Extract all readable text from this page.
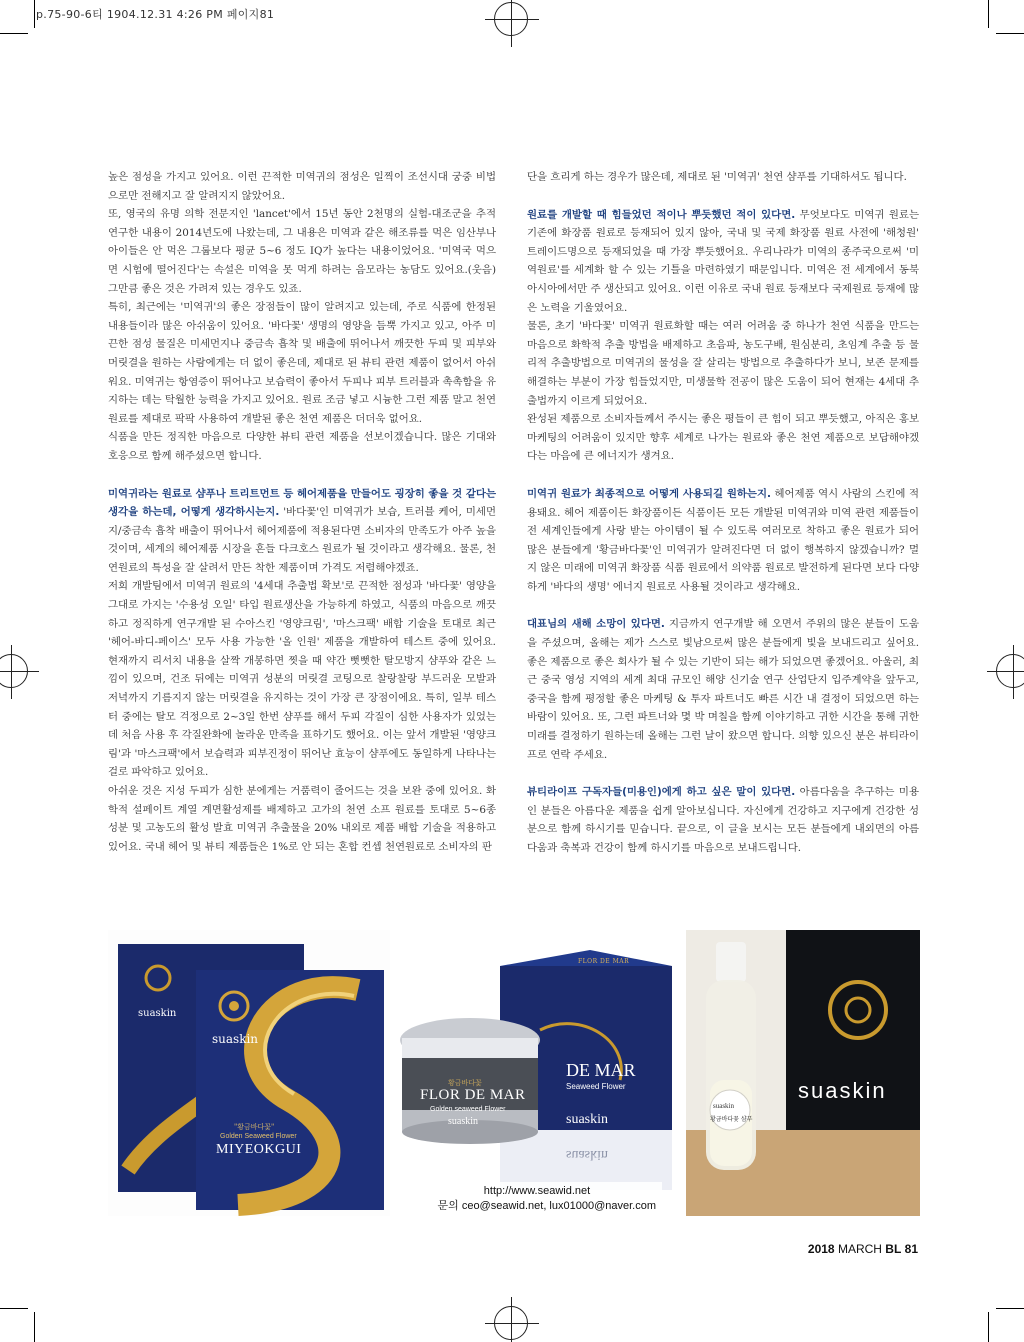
p.75-90-6티 1904.12.31 4:26 PM 페이지81

높은 점성을 가지고 있어요. 이런 끈적한 미역귀의 점성은 일찍이 조선시대 궁중 비법으로만 전해지고 잘 알려지지 않았어요.

또, 영국의 유명 의학 전문지인 'lancet'에서 15년 동안 2천명의 실험-대조군을 추적 연구한 내용이 2014년도에 나왔는데, 그 내용은 미역과 같은 해조류를 먹은 임산부나 아이들은 안 먹은 그룹보다 평균 5~6 정도 IQ가 높다는 내용이었어요. '미역국 먹으면 시험에 떨어진다'는 속설은 미역을 못 먹게 하려는 음모라는 농담도 있어요.(웃음) 그만큼 좋은 것은 가려져 있는 경우도 있죠.

특히, 최근에는 '미역귀'의 좋은 장점들이 많이 알려지고 있는데, 주로 식품에 한정된 내용들이라 많은 아쉬움이 있어요. '바다꽃' 생명의 영양을 듬뿍 가지고 있고, 아주 미끈한 점성 물질은 미세먼지나 중금속 흡착 및 배출에 뛰어나서 깨끗한 두피 및 피부와 머릿결을 원하는 사람에게는 더 없이 좋은데, 제대로 된 뷰티 관련 제품이 없어서 아쉬워요. 미역귀는 항염증이 뛰어나고 보습력이 좋아서 두피나 피부 트러블과 촉촉함을 유지하는 데는 탁월한 능력을 가지고 있어요. 원료 조금 넣고 시늉한 그런 제품 말고 천연원료를 제대로 팍팍 사용하여 개발된 좋은 천연 제품은 더더욱 없어요.

식품을 만든 정직한 마음으로 다양한 뷰티 관련 제품을 선보이겠습니다. 많은 기대와 호응으로 함께 해주셨으면 합니다.

미역귀라는 원료로 샴푸나 트리트먼트 등 헤어제품을 만들어도 굉장히 좋을 것 같다는 생각을 하는데, 어떻게 생각하시는지. '바다꽃'인 미역귀가 보습, 트러블 케어, 미세먼지/중금속 흡착 배출이 뛰어나서 헤어제품에 적용된다면 소비자의 만족도가 아주 높을 것이며, 세계의 헤어제품 시장을 흔들 다크호스 원료가 될 것이라고 생각해요. 물론, 천연원료의 특성을 잘 살려서 만든 착한 제품이며 가격도 저렴해야겠죠.

저희 개발팀에서 미역귀 원료의 '4세대 추출법 확보'로 끈적한 점성과 '바다꽃' 영양을 그대로 가지는 '수용성 오일' 타입 원료생산을 가능하게 하였고, 식품의 마음으로 깨끗하고 정직하게 연구개발 된 수아스킨 '영양크림', '마스크팩' 배합 기술을 토대로 최근 '헤어-바디-페이스' 모두 사용 가능한 '올 인원' 제품을 개발하여 테스트 중에 있어요. 현재까지 리서치 내용을 살짝 개봉하면 찟을 때 약간 뻣뻣한 탈모방지 샴푸와 같은 느낌이 있으며, 건조 뒤에는 미역귀 성분의 머릿결 코팅으로 찰랑찰랑 부드러운 모발과 저녁까지 기름지지 않는 머릿결을 유지하는 것이 가장 큰 장점이에요. 특히, 일부 테스터 중에는 탈모 걱정으로 2~3일 한번 샴푸를 해서 두피 각질이 심한 사용자가 있었는데 처음 사용 후 각질완화에 놀라운 만족을 표하기도 했어요. 이는 앞서 개발된 '영양크림'과 '마스크팩'에서 보습력과 피부진정이 뛰어난 효능이 샴푸에도 동일하게 나타나는 걸로 파악하고 있어요.

아쉬운 것은 지성 두피가 심한 분에게는 거품력이 줄어드는 것을 보완 중에 있어요. 화학적 설페이트 계열 계면활성제를 배제하고 고가의 천연 소프 원료를 토대로 5~6종 성분 및 고농도의 활성 발효 미역귀 추출물을 20% 내외로 제품 배합 기술을 적용하고 있어요. 국내 헤어 및 뷰티 제품들은 1%로 안 되는 혼합 컨셉 천연원료로 소비자의 판

단을 흐리게 하는 경우가 많은데, 제대로 된 '미역귀' 천연 샴푸를 기대하셔도 됩니다.

원료를 개발할 때 힘들었던 적이나 뿌듯했던 적이 있다면. 무엇보다도 미역귀 원료는 기존에 화장품 원료로 등재되어 있지 않아, 국내 및 국제 화장품 원료 사전에 '해청원' 트레이드명으로 등재되었을 때 가장 뿌듯했어요. 우리나라가 미역의 종주국으로써 '미역원료'를 세계화 할 수 있는 기틀을 마련하였기 때문입니다. 미역은 전 세계에서 동북아시아에서만 주 생산되고 있어요. 이런 이유로 국내 원료 등재보다 국제원료 등재에 많은 노력을 기울였어요.

물론, 초기 '바다꽃' 미역귀 원료화할 때는 여러 어려움 중 하나가 천연 식품을 만드는 마음으로 화학적 추출 방법을 배제하고 초음파, 농도구배, 원심분리, 초임계 추출 등 물리적 추출방법으로 미역귀의 물성을 잘 살리는 방법으로 추출하다가 보니, 보존 문제를 해결하는 부분이 가장 힘들었지만, 미생물학 전공이 많은 도움이 되어 현재는 4세대 추출법까지 이르게 되었어요.

완성된 제품으로 소비자들께서 주시는 좋은 평들이 큰 힘이 되고 뿌듯했고, 아직은 홍보 마케팅의 어려움이 있지만 향후 세계로 나가는 원료와 좋은 천연 제품으로 보답해야겠다는 마음에 큰 에너지가 생겨요.

미역귀 원료가 최종적으로 어떻게 사용되길 원하는지. 헤어제품 역시 사람의 스킨에 적용돼요. 헤어 제품이든 화장품이든 식품이든 모든 개발된 미역귀와 미역 관련 제품들이 전 세계인들에게 사랑 받는 아이템이 될 수 있도록 여러모로 착하고 좋은 원료가 되어 많은 분들에게 '황금바다꽃'인 미역귀가 알려진다면 더 없이 행복하지 않겠습니까? 멀지 않은 미래에 미역귀 화장품 식품 원료에서 의약품 원료로 발전하게 된다면 보다 다양하게 '바다의 생명' 에너지 원료로 사용될 것이라고 생각해요.

대표님의 새해 소망이 있다면. 지금까지 연구개발 해 오면서 주위의 많은 분들이 도움을 주셨으며, 올해는 제가 스스로 빛남으로써 많은 분들에게 빛을 보내드리고 싶어요. 좋은 제품으로 좋은 회사가 될 수 있는 기반이 되는 해가 되었으면 좋겠어요. 아울러, 최근 중국 영성 지역의 세계 최대 규모인 해양 신기술 연구 산업단지 입주계약을 앞두고, 중국을 함께 평정할 좋은 마케팅 & 투자 파트너도 빠른 시간 내 결정이 되었으면 하는 바람이 있어요. 또, 그런 파트너와 몇 박 며칠을 함께 이야기하고 귀한 시간을 통해 귀한 미래를 결정하기 원하는데 올해는 그런 날이 왔으면 합니다. 의향 있으신 분은 뷰티라이프로 연락 주세요.

뷰티라이프 구독자들(미용인)에게 하고 싶은 말이 있다면. 아름다움을 추구하는 미용인 분들은 아름다운 제품을 쉽게 알아보십니다. 자신에게 건강하고 지구에게 건강한 성분으로 함께 하시기를 믿습니다. 끝으로, 이 글을 보시는 모든 분들에게 내외면의 아름다움과 축복과 건강이 함께 하시기를 마음으로 보내드립니다.

suaskin
suaskin
"황금바다꽃"
Golden Seaweed Flower
MIYEOKGUI
FLOR DE MAR
DE MAR
Seaweed Flower
suaskin
suaskin
황금바다꽃
FLOR DE MAR
Golden seaweed Flower
suaskin
suaskin
suaskin
황금바다꽃 샴푸
http://www.seawid.net
문의 ceo@seawid.net, lux01000@naver.com
2018 MARCH BL 81
